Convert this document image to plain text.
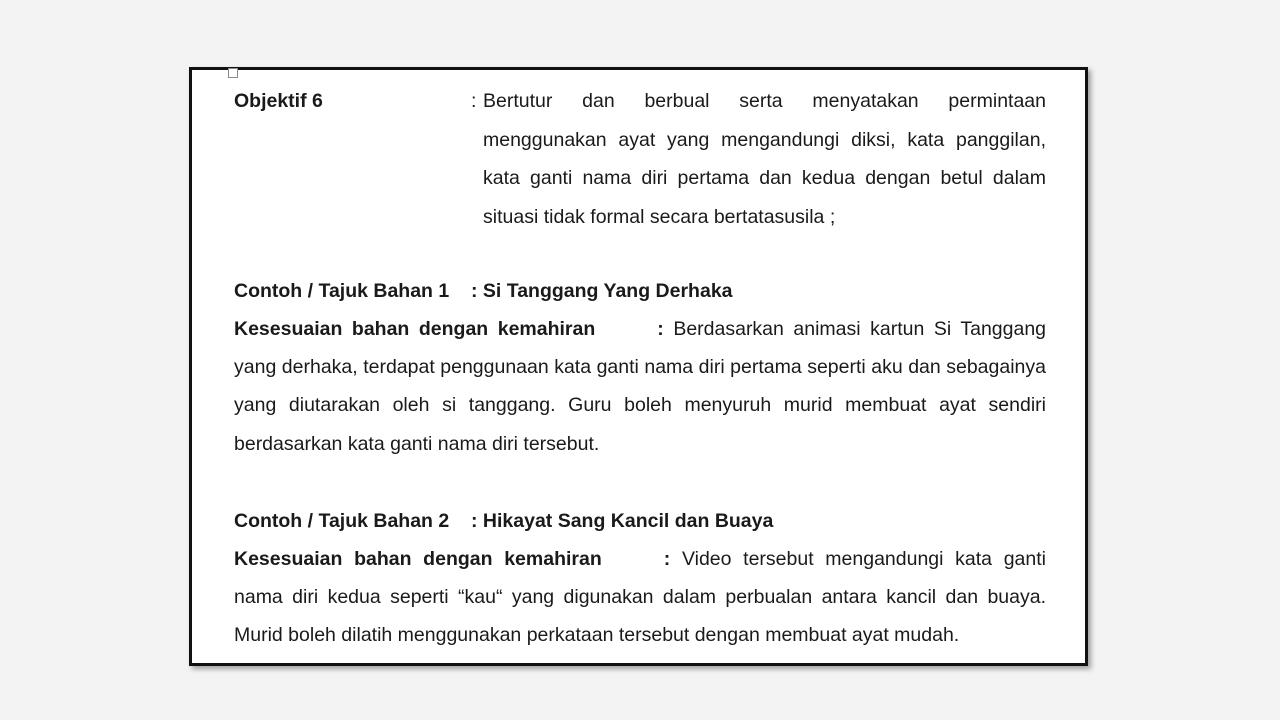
Objektif 6	: Bertutur dan berbual serta menyatakan permintaan menggunakan ayat yang mengandungi diksi, kata panggilan, kata ganti nama diri pertama dan kedua dengan betul dalam situasi tidak formal secara bertatasusila ;
Contoh / Tajuk Bahan 1	: Si Tanggang Yang Derhaka
Kesesuaian bahan dengan kemahiran	: Berdasarkan animasi kartun Si Tanggang yang derhaka, terdapat penggunaan kata ganti nama diri pertama seperti aku dan sebagainya yang diutarakan oleh si tanggang. Guru boleh menyuruh murid membuat ayat sendiri berdasarkan kata ganti nama diri tersebut.
Contoh / Tajuk Bahan 2	: Hikayat Sang Kancil dan Buaya
Kesesuaian bahan dengan kemahiran	: Video tersebut mengandungi kata ganti nama diri kedua seperti “kau“ yang digunakan dalam perbualan antara kancil dan buaya. Murid boleh dilatih menggunakan perkataan tersebut dengan membuat ayat mudah.
